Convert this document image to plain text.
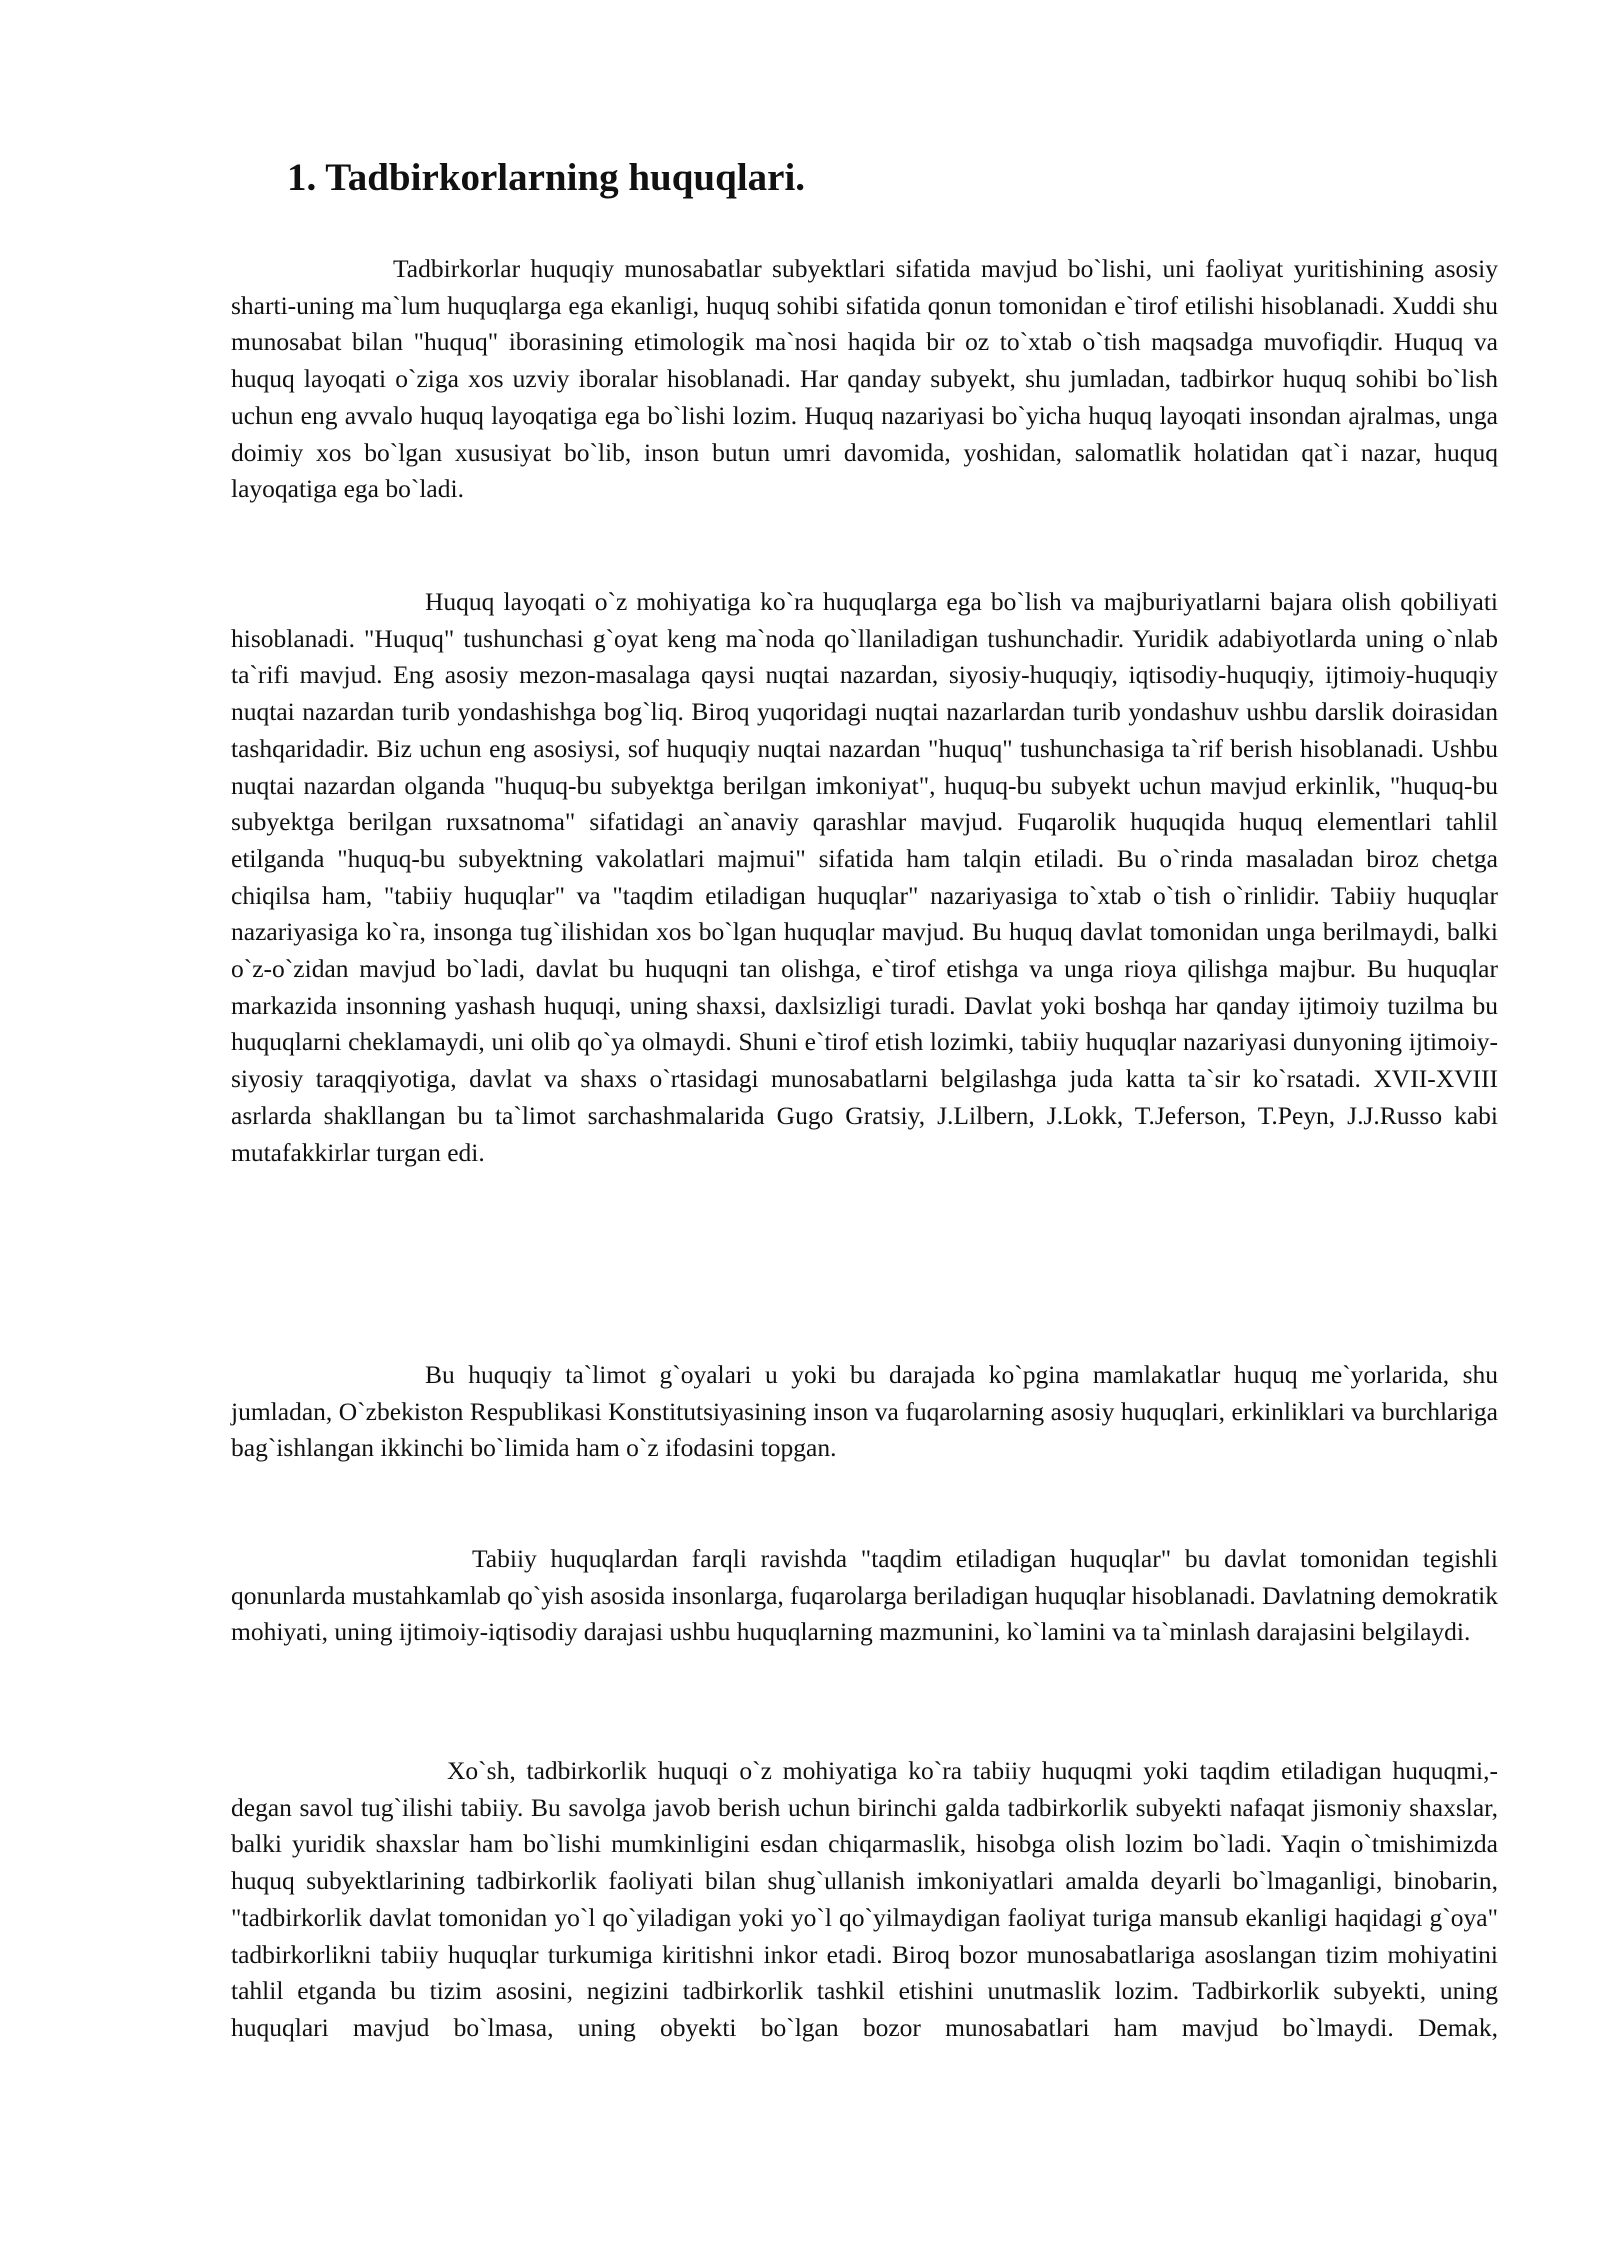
1. Tadbirkorlarning huquqlari.

Tadbirkorlar huquqiy munosabatlar subyektlari sifatida mavjud bo`lishi, uni faoliyat yuritishining asosiy sharti-uning ma`lum huquqlarga ega ekanligi, huquq sohibi sifatida qonun tomonidan e`tirof etilishi hisoblanadi. Xuddi shu munosabat bilan "huquq" iborasining etimologik ma`nosi haqida bir oz to`xtab o`tish maqsadga muvofiqdir. Huquq va huquq layoqati o`ziga xos uzviy iboralar hisoblanadi. Har qanday subyekt, shu jumladan, tadbirkor huquq sohibi bo`lish uchun eng avvalo huquq layoqatiga ega bo`lishi lozim. Huquq nazariyasi bo`yicha huquq layoqati insondan ajralmas, unga doimiy xos bo`lgan xususiyat bo`lib, inson butun umri davomida, yoshidan, salomatlik holatidan qat`i nazar, huquq layoqatiga ega bo`ladi.

Huquq layoqati o`z mohiyatiga ko`ra huquqlarga ega bo`lish va majburiyatlarni bajara olish qobiliyati hisoblanadi. "Huquq" tushunchasi g`oyat keng ma`noda qo`llaniladigan tushunchadir. Yuridik adabiyotlarda uning o`nlab ta`rifi mavjud. Eng asosiy mezon-masalaga qaysi nuqtai nazardan, siyosiy-huquqiy, iqtisodiy-huquqiy, ijtimoiy-huquqiy nuqtai nazardan turib yondashishga bog`liq. Biroq yuqoridagi nuqtai nazarlardan turib yondashuv ushbu darslik doirasidan tashqaridadir. Biz uchun eng asosiysi, sof huquqiy nuqtai nazardan "huquq" tushunchasiga ta`rif berish hisoblanadi. Ushbu nuqtai nazardan olganda "huquq-bu subyektga berilgan imkoniyat", huquq-bu subyekt uchun mavjud erkinlik, "huquq-bu subyektga berilgan ruxsatnoma" sifatidagi an`anaviy qarashlar mavjud. Fuqarolik huquqida huquq elementlari tahlil etilganda "huquq-bu subyektning vakolatlari majmui" sifatida ham talqin etiladi. Bu o`rinda masaladan biroz chetga chiqilsa ham, "tabiiy huquqlar" va "taqdim etiladigan huquqlar" nazariyasiga to`xtab o`tish o`rinlidir. Tabiiy huquqlar nazariyasiga ko`ra, insonga tug`ilishidan xos bo`lgan huquqlar mavjud. Bu huquq davlat tomonidan unga berilmaydi, balki o`z-o`zidan mavjud bo`ladi, davlat bu huquqni tan olishga, e`tirof etishga va unga rioya qilishga majbur. Bu huquqlar markazida insonning yashash huquqi, uning shaxsi, daxlsizligi turadi. Davlat yoki boshqa har qanday ijtimoiy tuzilma bu huquqlarni cheklamaydi, uni olib qo`ya olmaydi. Shuni e`tirof etish lozimki, tabiiy huquqlar nazariyasi dunyoning ijtimoiy-siyosiy taraqqiyotiga, davlat va shaxs o`rtasidagi munosabatlarni belgilashga juda katta ta`sir ko`rsatadi. XVII-XVIII asrlarda shakllangan bu ta`limot sarchashmalarida Gugo Gratsiy, J.Lilbern, J.Lokk, T.Jeferson, T.Peyn, J.J.Russo kabi mutafakkirlar turgan edi.

Bu huquqiy ta`limot g`oyalari u yoki bu darajada ko`pgina mamlakatlar huquq me`yorlarida, shu jumladan, O`zbekiston Respublikasi Konstitutsiyasining inson va fuqarolarning asosiy huquqlari, erkinliklari va burchlariga bag`ishlangan ikkinchi bo`limida ham o`z ifodasini topgan.

Tabiiy huquqlardan farqli ravishda "taqdim etiladigan huquqlar" bu davlat tomonidan tegishli qonunlarda mustahkamlab qo`yish asosida insonlarga, fuqarolarga beriladigan huquqlar hisoblanadi. Davlatning demokratik mohiyati, uning ijtimoiy-iqtisodiy darajasi ushbu huquqlarning mazmunini, ko`lamini va ta`minlash darajasini belgilaydi.

Xo`sh, tadbirkorlik huquqi o`z mohiyatiga ko`ra tabiiy huquqmi yoki taqdim etiladigan huquqmi,-degan savol tug`ilishi tabiiy. Bu savolga javob berish uchun birinchi galda tadbirkorlik subyekti nafaqat jismoniy shaxslar, balki yuridik shaxslar ham bo`lishi mumkinligini esdan chiqarmaslik, hisobga olish lozim bo`ladi. Yaqin o`tmishimizda huquq subyektlarining tadbirkorlik faoliyati bilan shug`ullanish imkoniyatlari amalda deyarli bo`lmaganligi, binobarin, "tadbirkorlik davlat tomonidan yo`l qo`yiladigan yoki yo`l qo`yilmaydigan faoliyat turiga mansub ekanligi haqidagi g`oya" tadbirkorlikni tabiiy huquqlar turkumiga kiritishni inkor etadi. Biroq bozor munosabatlariga asoslangan tizim mohiyatini tahlil etganda bu tizim asosini, negizini tadbirkorlik tashkil etishini unutmaslik lozim. Tadbirkorlik subyekti, uning huquqlari mavjud bo`lmasa, uning obyekti bo`lgan bozor munosabatlari ham mavjud bo`lmaydi. Demak,
